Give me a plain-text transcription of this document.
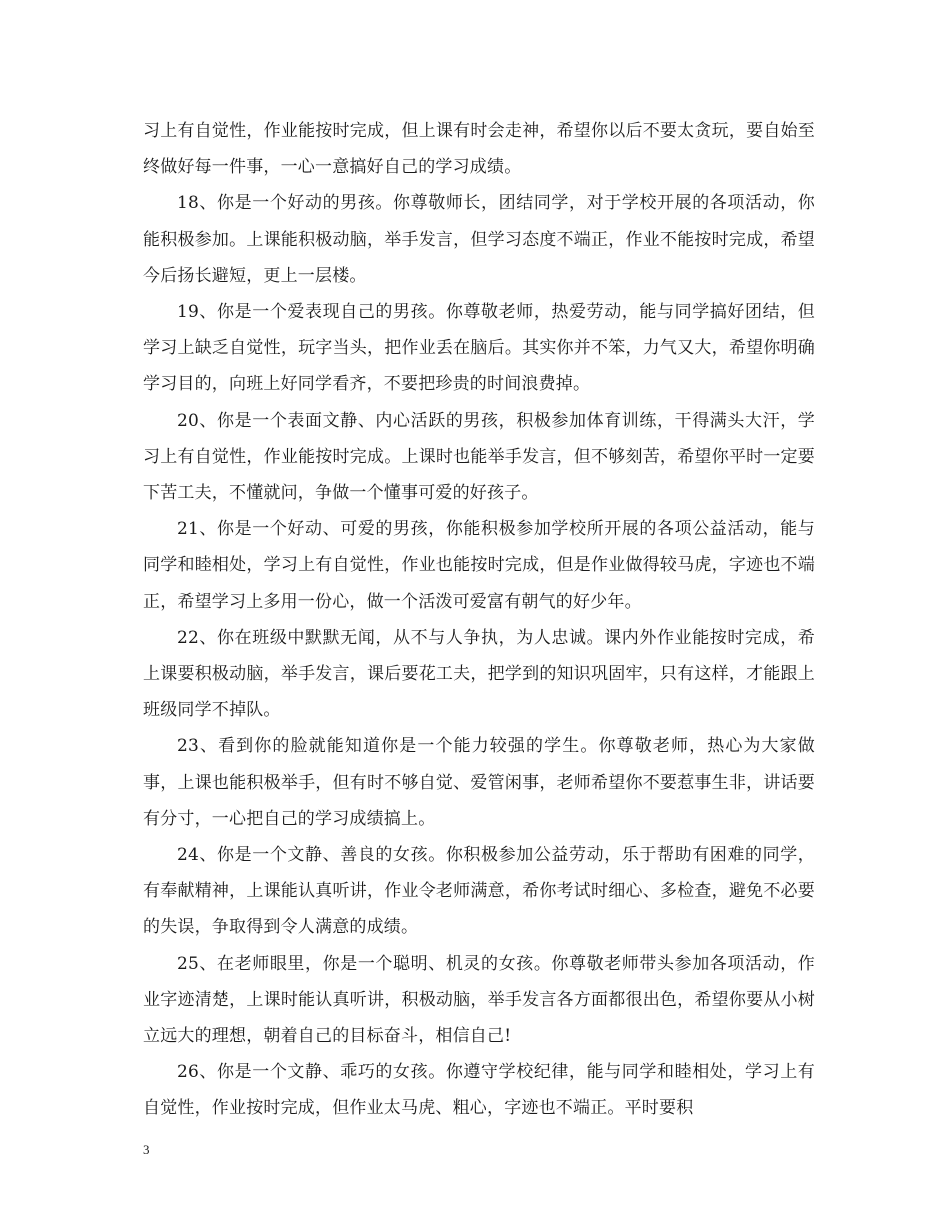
习上有自觉性，作业能按时完成，但上课有时会走神，希望你以后不要太贪玩，要自始至终做好每一件事，一心一意搞好自己的学习成绩。

18、你是一个好动的男孩。你尊敬师长，团结同学，对于学校开展的各项活动，你能积极参加。上课能积极动脑，举手发言，但学习态度不端正，作业不能按时完成，希望今后扬长避短，更上一层楼。

19、你是一个爱表现自己的男孩。你尊敬老师，热爱劳动，能与同学搞好团结，但学习上缺乏自觉性，玩字当头，把作业丢在脑后。其实你并不笨，力气又大，希望你明确学习目的，向班上好同学看齐，不要把珍贵的时间浪费掉。

20、你是一个表面文静、内心活跃的男孩，积极参加体育训练，干得满头大汗，学习上有自觉性，作业能按时完成。上课时也能举手发言，但不够刻苦，希望你平时一定要下苦工夫，不懂就问，争做一个懂事可爱的好孩子。

21、你是一个好动、可爱的男孩，你能积极参加学校所开展的各项公益活动，能与同学和睦相处，学习上有自觉性，作业也能按时完成，但是作业做得较马虎，字迹也不端正，希望学习上多用一份心，做一个活泼可爱富有朝气的好少年。

22、你在班级中默默无闻，从不与人争执，为人忠诚。课内外作业能按时完成，希上课要积极动脑，举手发言，课后要花工夫，把学到的知识巩固牢，只有这样，才能跟上班级同学不掉队。

23、看到你的脸就能知道你是一个能力较强的学生。你尊敬老师，热心为大家做事，上课也能积极举手，但有时不够自觉、爱管闲事，老师希望你不要惹事生非，讲话要有分寸，一心把自己的学习成绩搞上。

24、你是一个文静、善良的女孩。你积极参加公益劳动，乐于帮助有困难的同学，有奉献精神，上课能认真听讲，作业令老师满意，希你考试时细心、多检查，避免不必要的失误，争取得到令人满意的成绩。

25、在老师眼里，你是一个聪明、机灵的女孩。你尊敬老师带头参加各项活动，作业字迹清楚，上课时能认真听讲，积极动脑，举手发言各方面都很出色，希望你要从小树立远大的理想，朝着自己的目标奋斗，相信自己!

26、你是一个文静、乖巧的女孩。你遵守学校纪律，能与同学和睦相处，学习上有自觉性，作业按时完成，但作业太马虎、粗心，字迹也不端正。平时要积

3
